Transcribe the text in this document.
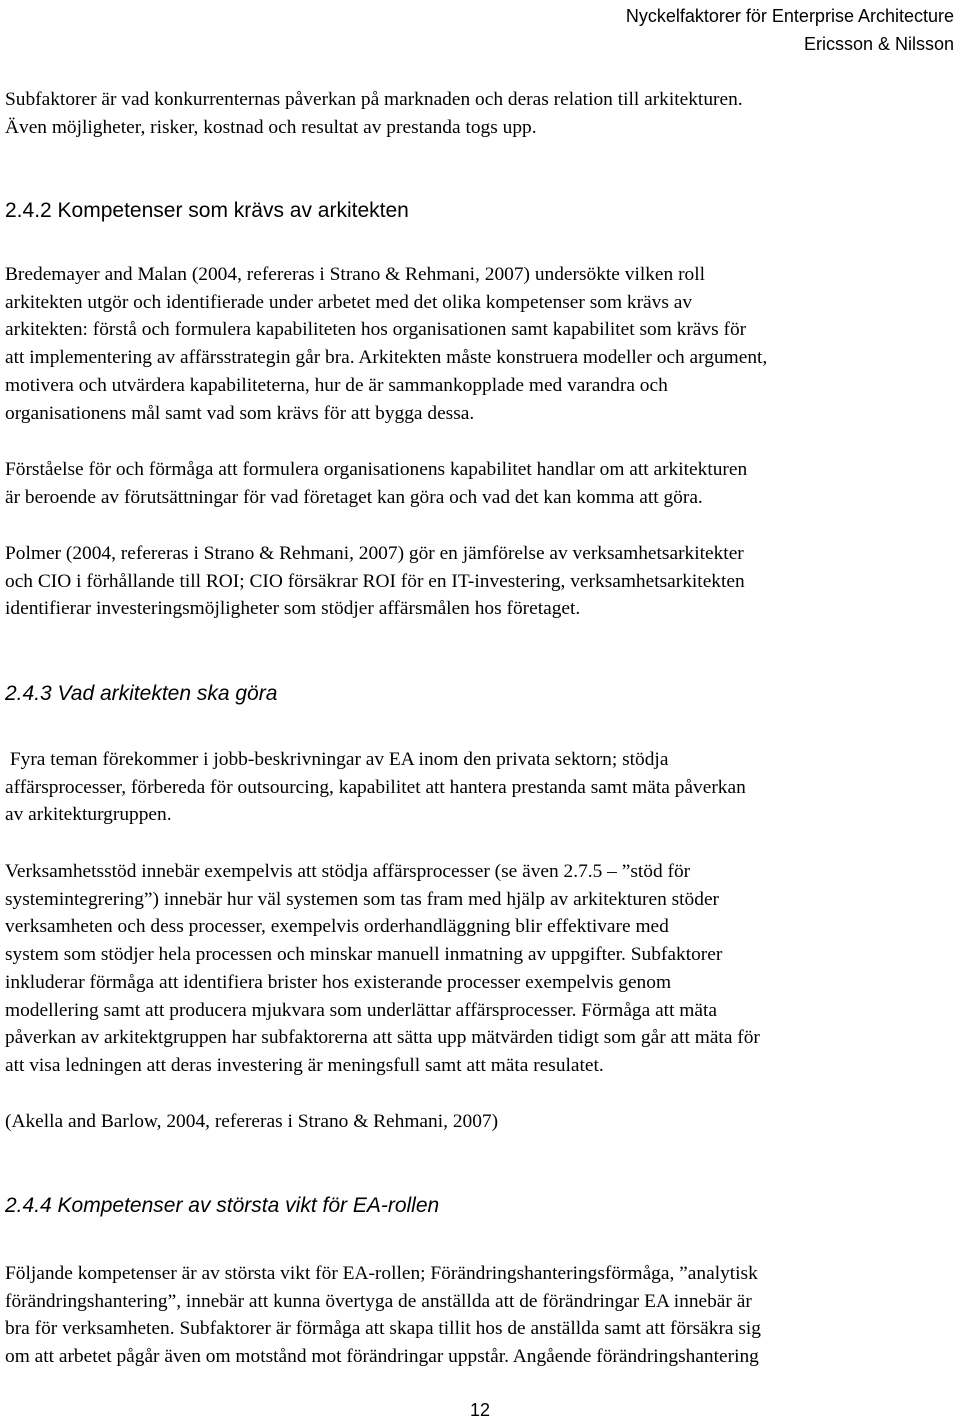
Nyckelfaktorer för Enterprise Architecture
Ericsson & Nilsson
Subfaktorer är vad konkurrenternas påverkan på marknaden och deras relation till arkitekturen.
Även möjligheter, risker, kostnad och resultat av prestanda togs upp.
2.4.2 Kompetenser som krävs av arkitekten
Bredemayer and Malan (2004, refereras i Strano & Rehmani, 2007) undersökte vilken roll
arkitekten utgör och identifierade under arbetet med det olika kompetenser som krävs av
arkitekten: förstå och formulera kapabiliteten hos organisationen samt kapabilitet som krävs för
att implementering av affärsstrategin går bra. Arkitekten måste konstruera modeller och argument,
motivera och utvärdera kapabiliteterna, hur de är sammankopplade med varandra och
organisationens mål samt vad som krävs för att bygga dessa.
Förståelse för och förmåga att formulera organisationens kapabilitet handlar om att arkitekturen
är beroende av förutsättningar för vad företaget kan göra och vad det kan komma att göra.
Polmer (2004, refereras i Strano & Rehmani, 2007) gör en jämförelse av verksamhetsarkitekter
och CIO i förhållande till ROI; CIO försäkrar ROI för en IT-investering, verksamhetsarkitekten
identifierar investeringsmöjligheter som stödjer affärsmålen hos företaget.
2.4.3 Vad arkitekten ska göra
Fyra teman förekommer i jobb-beskrivningar av EA inom den privata sektorn; stödja
affärsprocesser, förbereda för outsourcing, kapabilitet att hantera prestanda samt mäta påverkan
av arkitekturgruppen.
Verksamhetsstöd innebär exempelvis att stödja affärsprocesser (se även 2.7.5 – ”stöd för
systemintegrering”) innebär hur väl systemen som tas fram med hjälp av arkitekturen stöder
verksamheten och dess processer, exempelvis orderhandläggning blir effektivare med
system som stödjer hela processen och minskar manuell inmatning av uppgifter. Subfaktorer
inkluderar förmåga att identifiera brister hos existerande processer exempelvis genom
modellering samt att producera mjukvara som underlättar affärsprocesser. Förmåga att mäta
påverkan av arkitektgruppen har subfaktorerna att sätta upp mätvärden tidigt som går att mäta för
att visa ledningen att deras investering är meningsfull samt att mäta resulatet.
(Akella and Barlow, 2004, refereras i Strano & Rehmani, 2007)
2.4.4 Kompetenser av största vikt för EA-rollen
Följande kompetenser är av största vikt för EA-rollen; Förändringshanteringsförmåga, ”analytisk
förändringshantering”, innebär att kunna övertyga de anställda att de förändringar EA innebär är
bra för verksamheten. Subfaktorer är förmåga att skapa tillit hos de anställda samt att försäkra sig
om att arbetet pågår även om motstånd mot förändringar uppstår. Angående förändringshantering
12
